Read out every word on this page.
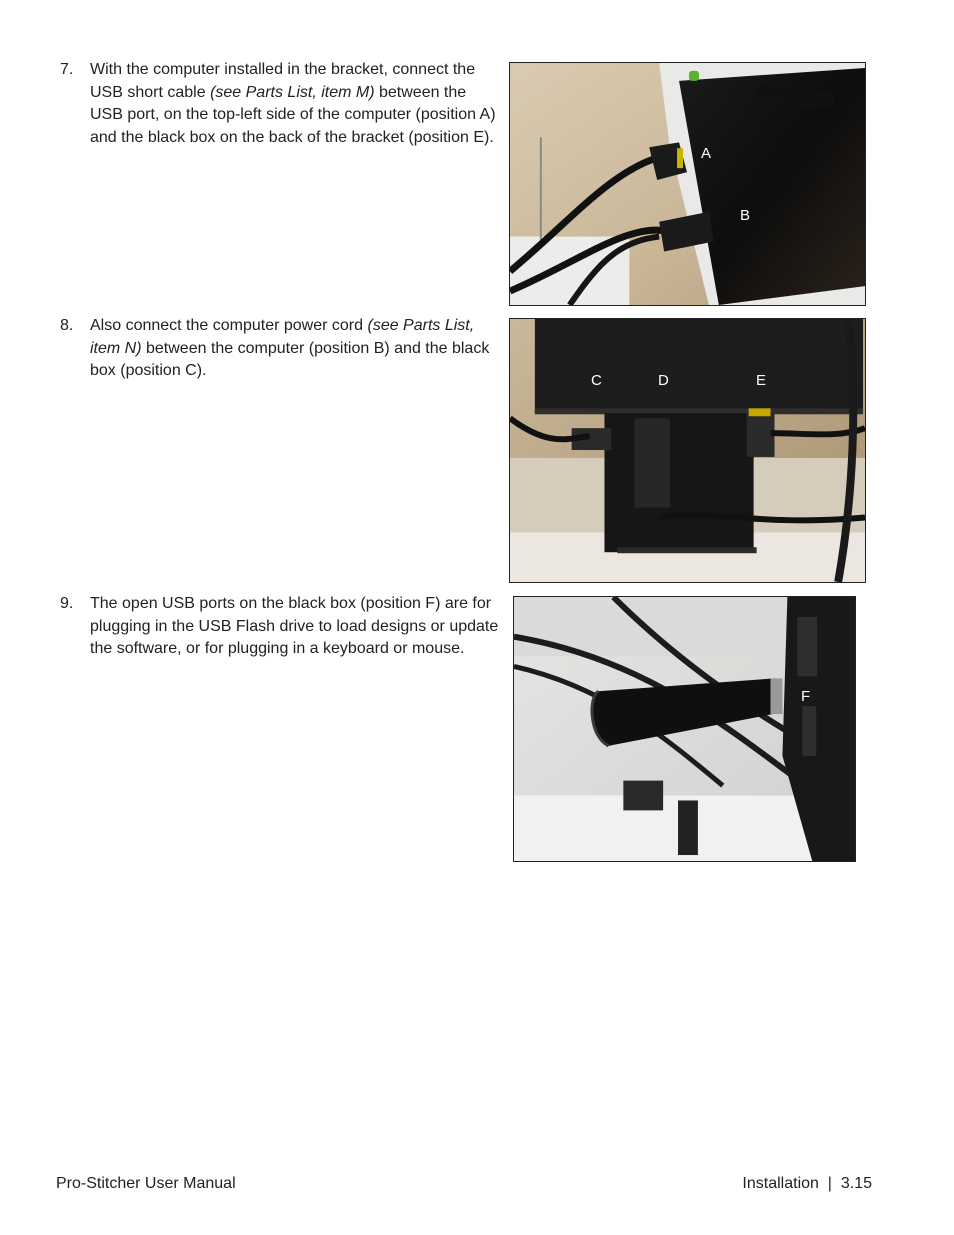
7.	With the computer installed in the bracket, connect the USB short cable (see Parts List, item M) between the USB port, on the top-left side of the computer (position A) and the black box on the back of the bracket (position E).
8.	Also connect the computer power cord (see Parts List, item N) between the computer (position B) and the black box (position C).
9.	The open USB ports on the black box (position F) are for plugging in the USB Flash drive to load designs or update the software, or for plugging in a keyboard or mouse.
A
B
C	D	E
F
Pro-Stitcher User Manual	Installation  |  3.15
